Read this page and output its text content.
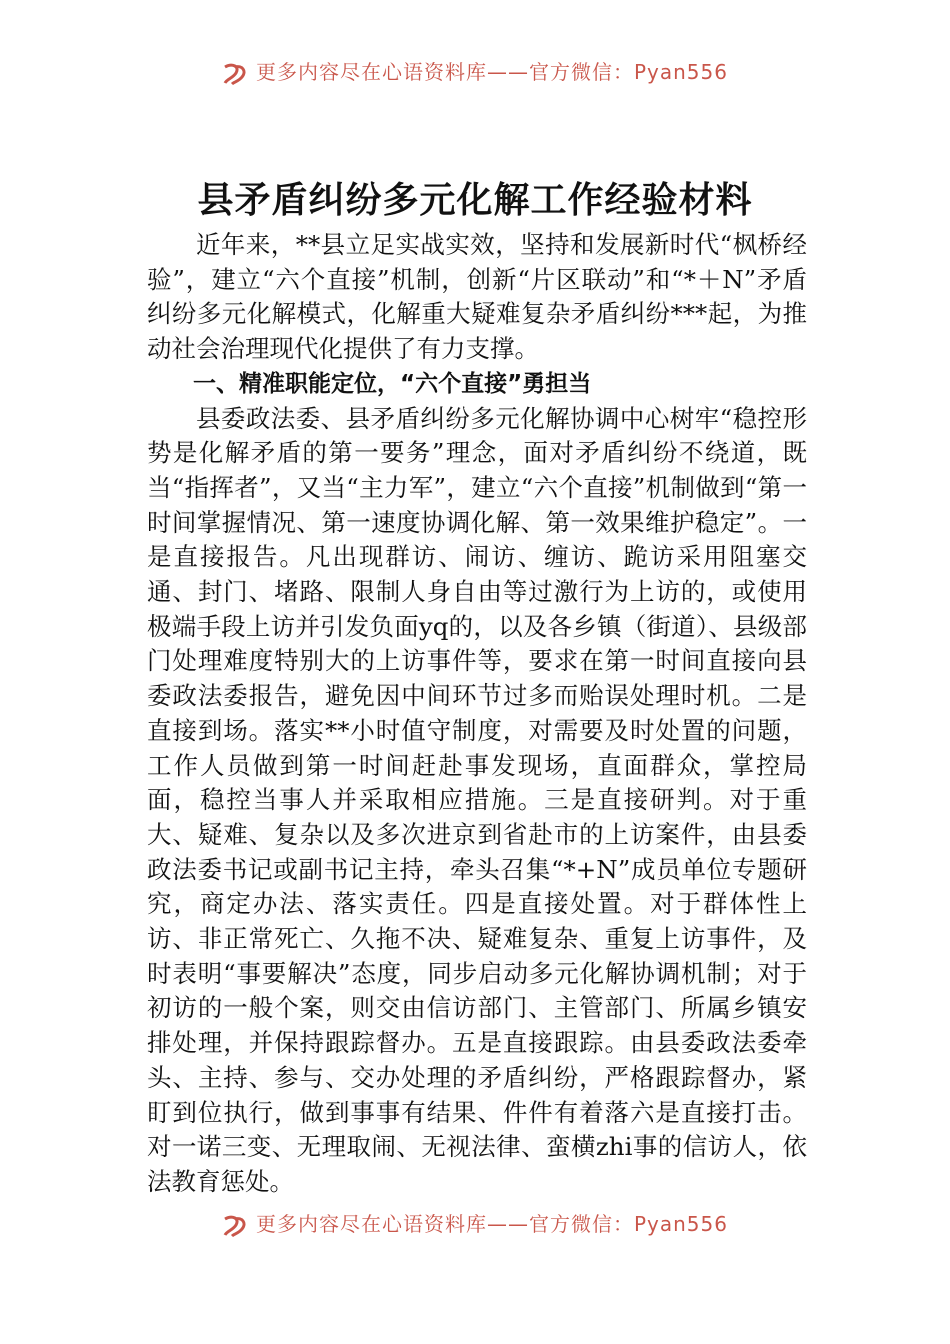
更多内容尽在心语资料库——官方微信：Pyan556
县矛盾纠纷多元化解工作经验材料

近年来，**县立足实战实效，坚持和发展新时代“枫桥经验”，建立“六个直接”机制，创新“片区联动”和“*＋N”矛盾纠纷多元化解模式，化解重大疑难复杂矛盾纠纷***起，为推动社会治理现代化提供了有力支撑。

一、精准职能定位，“六个直接”勇担当

县委政法委、县矛盾纠纷多元化解协调中心树牢“稳控形势是化解矛盾的第一要务”理念，面对矛盾纠纷不绕道，既当“指挥者”，又当“主力军”，建立“六个直接”机制做到“第一时间掌握情况、第一速度协调化解、第一效果维护稳定”。一是直接报告。凡出现群访、闹访、缠访、跪访采用阻塞交通、封门、堵路、限制人身自由等过激行为上访的，或使用极端手段上访并引发负面yq的，以及各乡镇（街道）、县级部门处理难度特别大的上访事件等，要求在第一时间直接向县委政法委报告，避免因中间环节过多而贻误处理时机。二是直接到场。落实**小时值守制度，对需要及时处置的问题，工作人员做到第一时间赶赴事发现场，直面群众，掌控局面，稳控当事人并采取相应措施。三是直接研判。对于重大、疑难、复杂以及多次进京到省赴市的上访案件，由县委政法委书记或副书记主持，牵头召集“*+N”成员单位专题研究，商定办法、落实责任。四是直接处置。对于群体性上访、非正常死亡、久拖不决、疑难复杂、重复上访事件，及时表明“事要解决”态度，同步启动多元化解协调机制；对于初访的一般个案，则交由信访部门、主管部门、所属乡镇安排处理，并保持跟踪督办。五是直接跟踪。由县委政法委牵头、主持、参与、交办处理的矛盾纠纷，严格跟踪督办，紧盯到位执行，做到事事有结果、件件有着落六是直接打击。对一诺三变、无理取闹、无视法律、蛮横zhi事的信访人，依法教育惩处。

更多内容尽在心语资料库——官方微信：Pyan556
